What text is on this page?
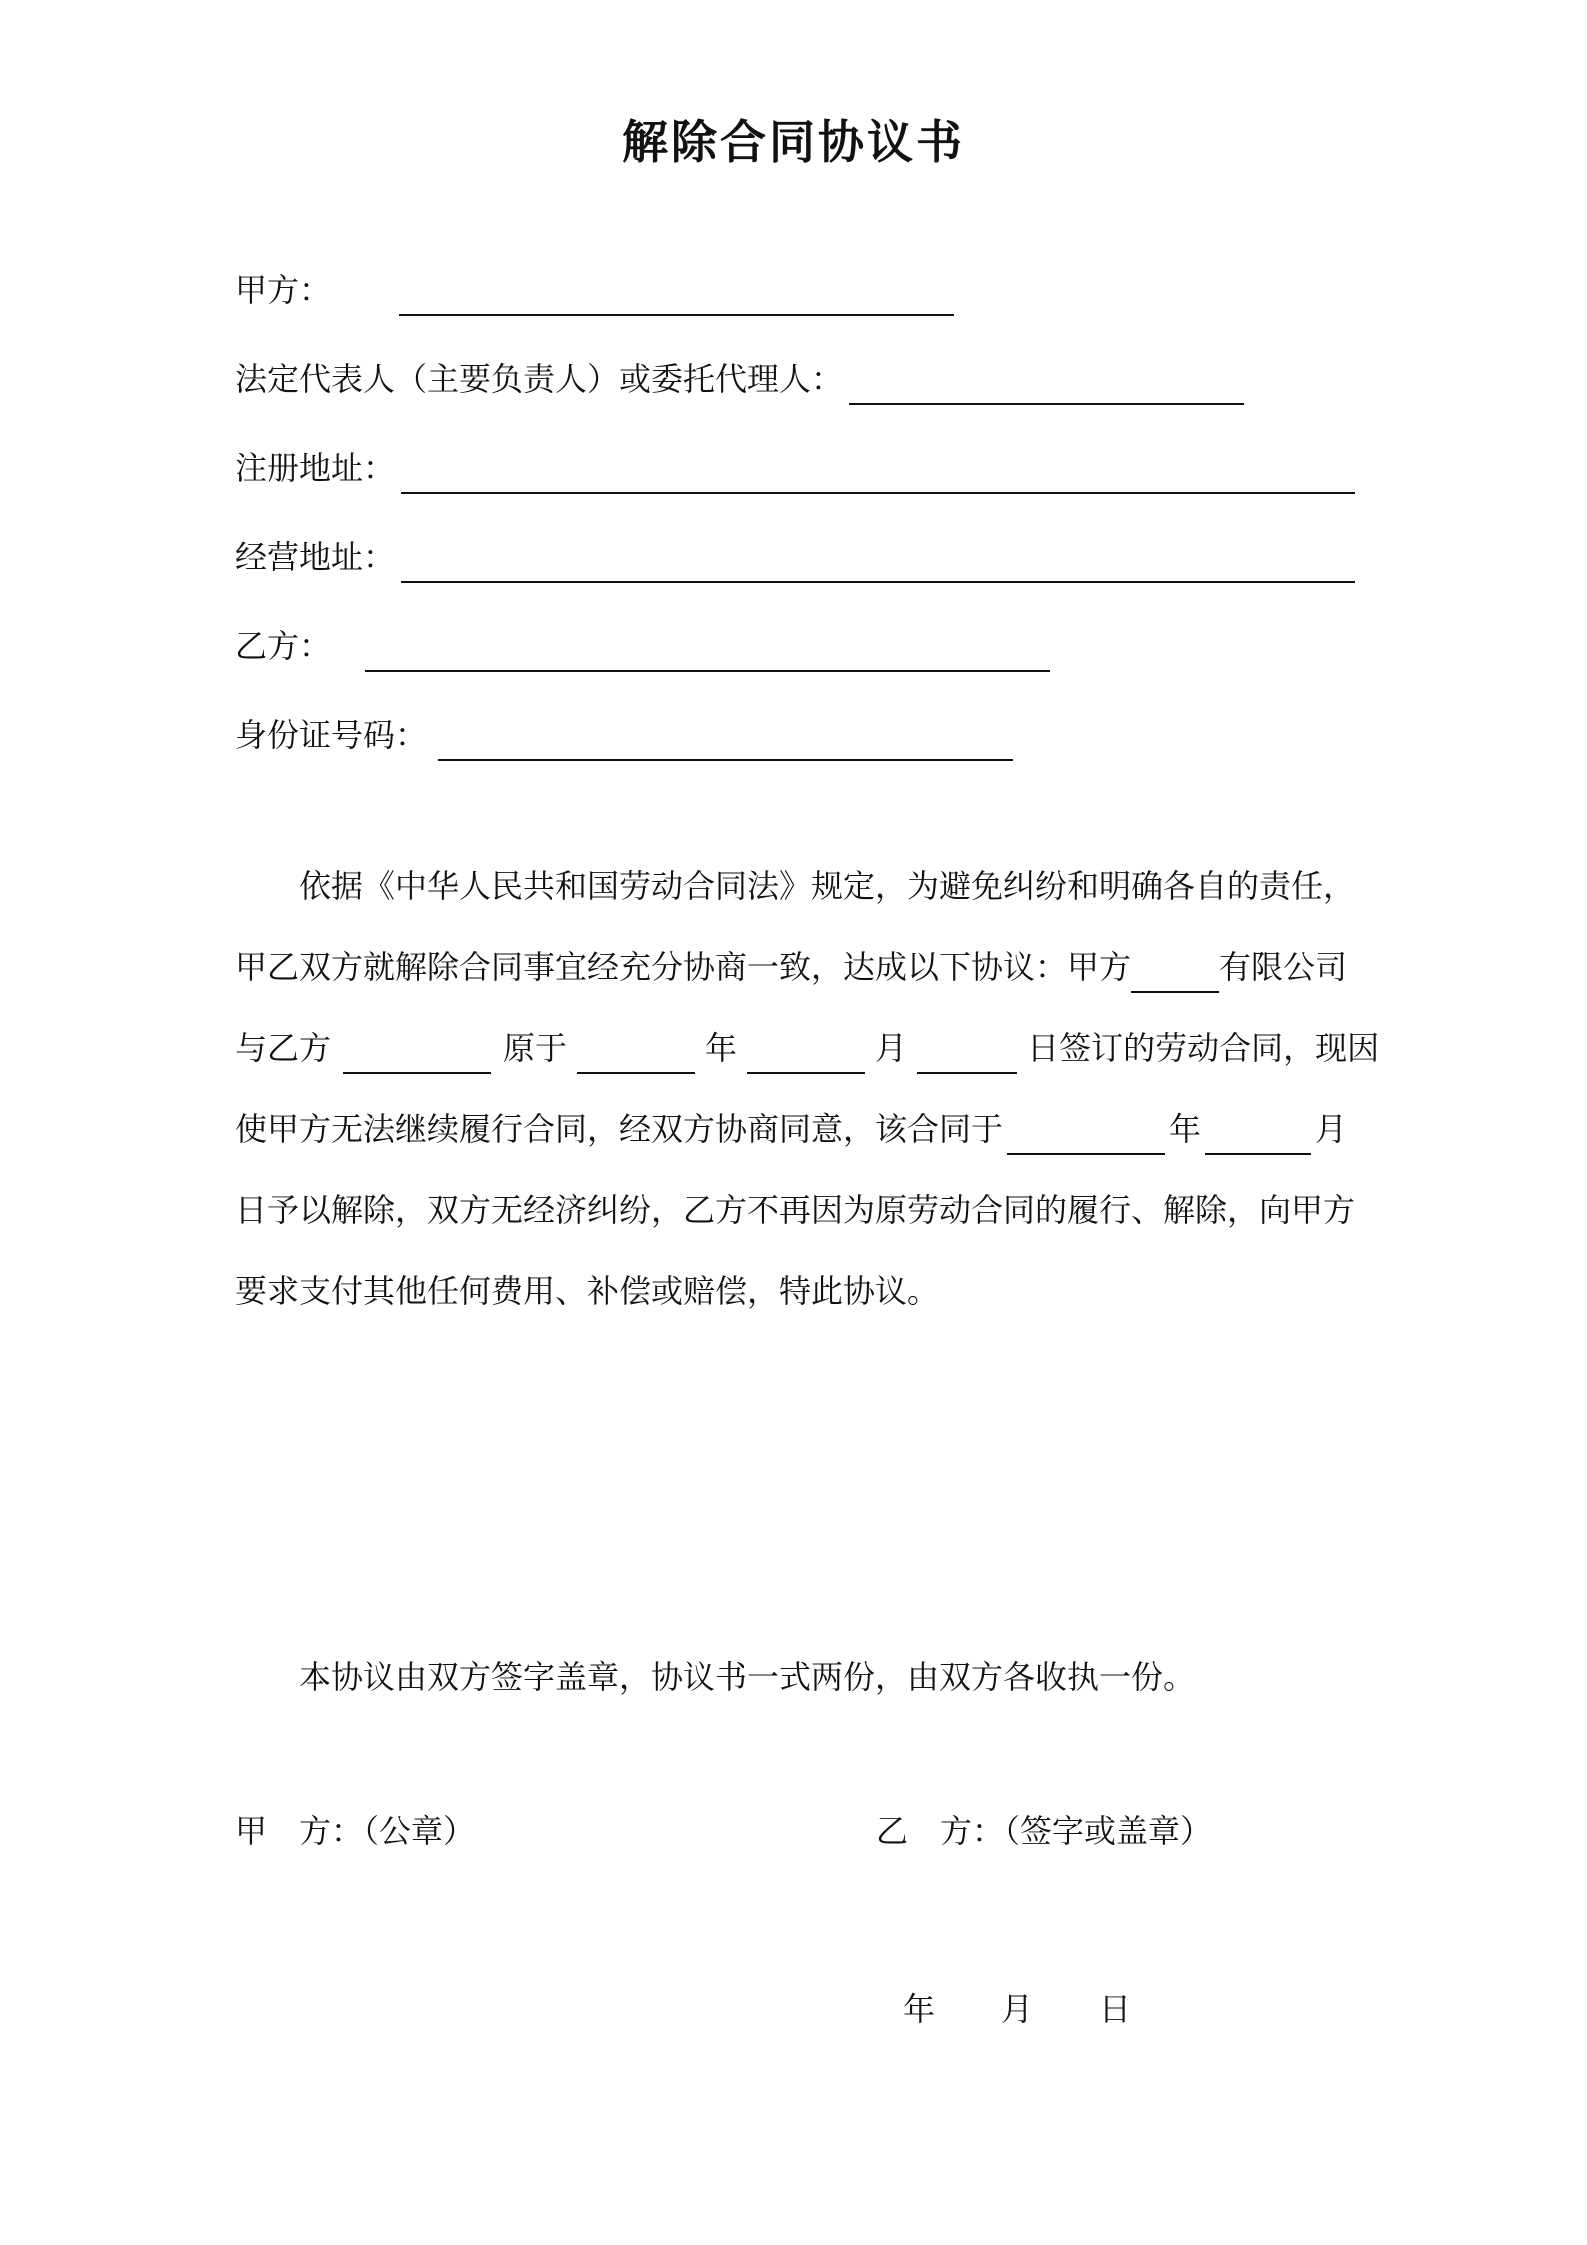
解除合同协议书
甲方：
法定代表人（主要负责人）或委托代理人：
注册地址：
经营地址：
乙方：
身份证号码：
依据《中华人民共和国劳动合同法》规定，为避免纠纷和明确各自的责任，
甲乙双方就解除合同事宜经充分协商一致，达成以下协议：甲方	有限公司
与乙方	原于	年	月	日签订的劳动合同，现因
使甲方无法继续履行合同，经双方协商同意，该合同于	年	月
日予以解除，双方无经济纠纷，乙方不再因为原劳动合同的履行、解除，向甲方
要求支付其他任何费用、补偿或赔偿，特此协议。

本协议由双方签字盖章，协议书一式两份，由双方各收执一份。

甲　方：（公章）	乙　方：（签字或盖章）
年 月 日
